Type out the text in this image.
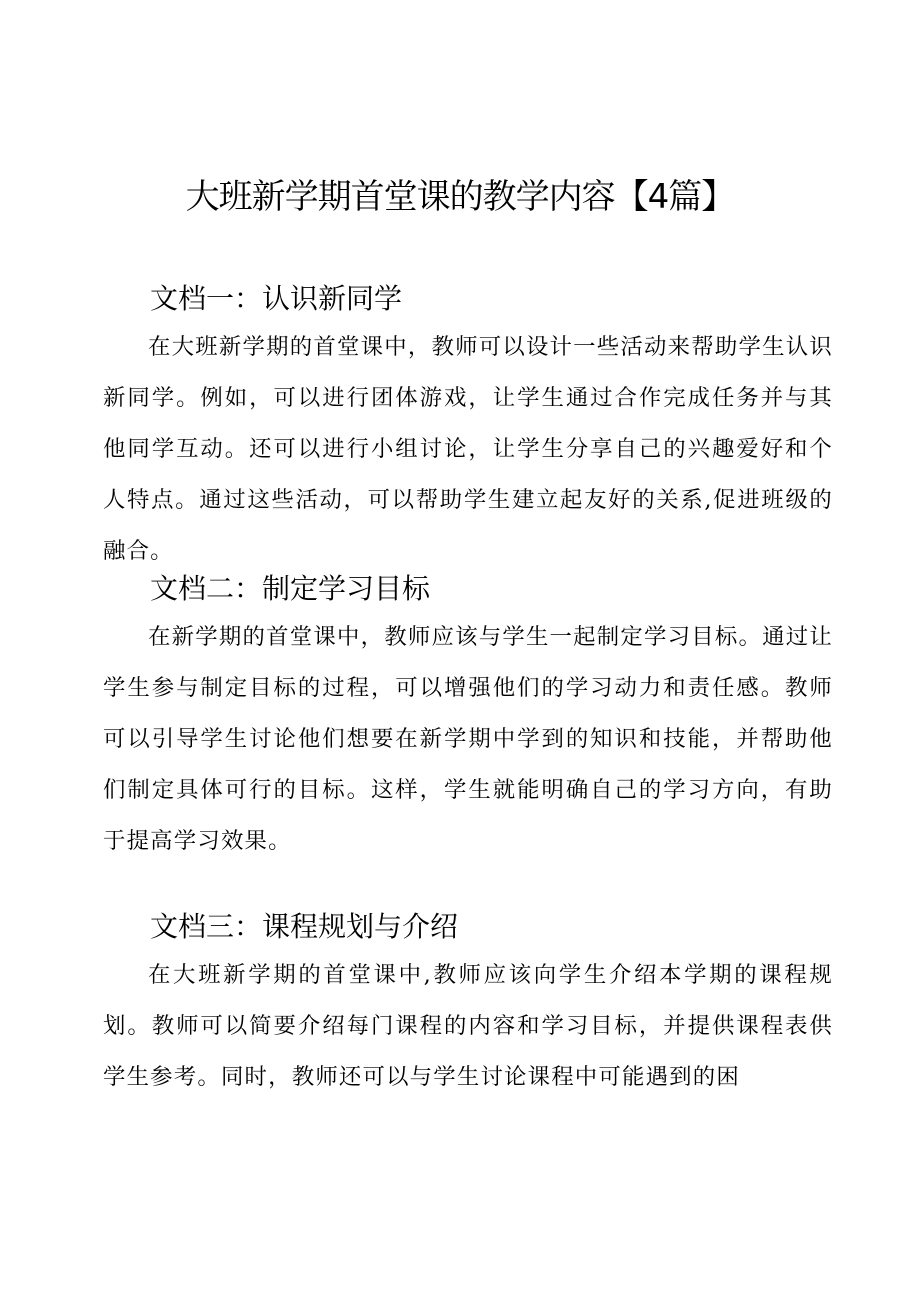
大班新学期首堂课的教学内容【4篇】
文档一：认识新同学
在大班新学期的首堂课中，教师可以设计一些活动来帮助学生认识新同学。例如，可以进行团体游戏，让学生通过合作完成任务并与其他同学互动。还可以进行小组讨论，让学生分享自己的兴趣爱好和个人特点。通过这些活动，可以帮助学生建立起友好的关系,促进班级的融合。
文档二：制定学习目标
在新学期的首堂课中，教师应该与学生一起制定学习目标。通过让学生参与制定目标的过程，可以增强他们的学习动力和责任感。教师可以引导学生讨论他们想要在新学期中学到的知识和技能，并帮助他们制定具体可行的目标。这样，学生就能明确自己的学习方向，有助于提高学习效果。
文档三：课程规划与介绍
在大班新学期的首堂课中,教师应该向学生介绍本学期的课程规划。教师可以简要介绍每门课程的内容和学习目标，并提供课程表供学生参考。同时，教师还可以与学生讨论课程中可能遇到的困
